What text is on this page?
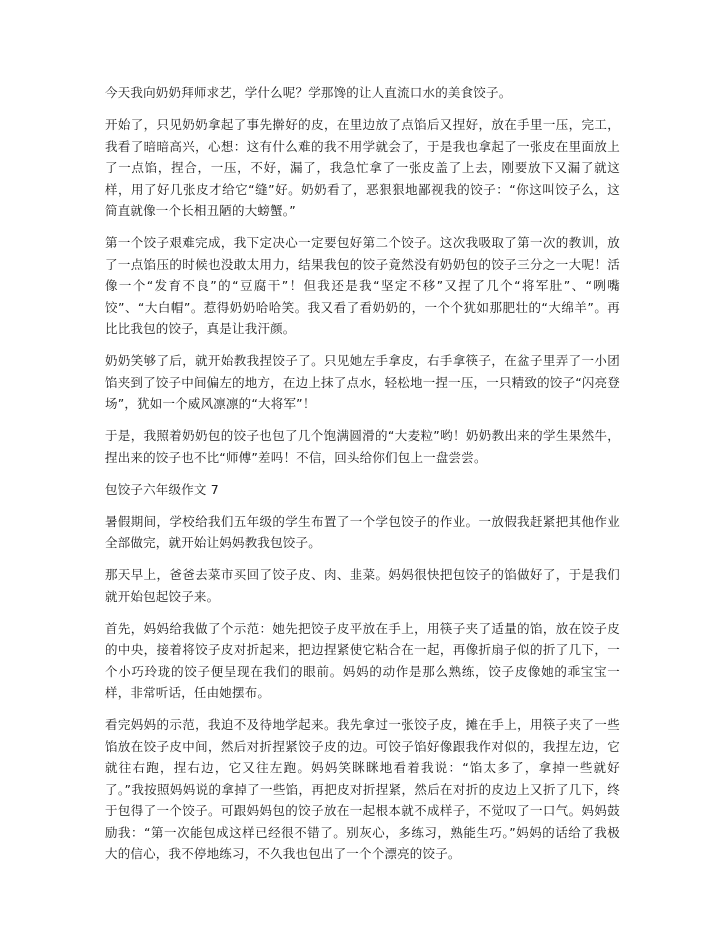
今天我向奶奶拜师求艺，学什么呢？学那馋的让人直流口水的美食饺子。

开始了，只见奶奶拿起了事先擀好的皮，在里边放了点馅后又捏好，放在手里一压，完工，我看了暗暗高兴，心想：这有什么难的我不用学就会了，于是我也拿起了一张皮在里面放上了一点馅，捏合，一压，不好，漏了，我急忙拿了一张皮盖了上去，刚要放下又漏了就这样，用了好几张皮才给它“缝”好。奶奶看了，恶狠狠地鄙视我的饺子：“你这叫饺子么，这简直就像一个长相丑陋的大螃蟹。”

第一个饺子艰难完成，我下定决心一定要包好第二个饺子。这次我吸取了第一次的教训，放了一点馅压的时候也没敢太用力，结果我包的饺子竟然没有奶奶包的饺子三分之一大呢！活像一个“发育不良”的“豆腐干”！但我还是我“坚定不移”又捏了几个“将军肚”、“咧嘴饺”、“大白帽”。惹得奶奶哈哈笑。我又看了看奶奶的，一个个犹如那肥壮的“大绵羊”。再比比我包的饺子，真是让我汗颜。

奶奶笑够了后，就开始教我捏饺子了。只见她左手拿皮，右手拿筷子，在盆子里弄了一小团馅夹到了饺子中间偏左的地方，在边上抹了点水，轻松地一捏一压，一只精致的饺子“闪亮登场”，犹如一个威风凛凛的“大将军”！

于是，我照着奶奶包的饺子也包了几个饱满圆滑的“大麦粒”哟！奶奶教出来的学生果然牛，捏出来的饺子也不比“师傅”差吗！不信，回头给你们包上一盘尝尝。

包饺子六年级作文 7

暑假期间，学校给我们五年级的学生布置了一个学包饺子的作业。一放假我赶紧把其他作业全部做完，就开始让妈妈教我包饺子。

那天早上，爸爸去菜市买回了饺子皮、肉、韭菜。妈妈很快把包饺子的馅做好了，于是我们就开始包起饺子来。

首先，妈妈给我做了个示范：她先把饺子皮平放在手上，用筷子夹了适量的馅，放在饺子皮的中央，接着将饺子皮对折起来，把边捏紧使它粘合在一起，再像折扇子似的折了几下，一个小巧玲珑的饺子便呈现在我们的眼前。妈妈的动作是那么熟练，饺子皮像她的乖宝宝一样，非常听话，任由她摆布。

看完妈妈的示范，我迫不及待地学起来。我先拿过一张饺子皮，摊在手上，用筷子夹了一些馅放在饺子皮中间，然后对折捏紧饺子皮的边。可饺子馅好像跟我作对似的，我捏左边，它就往右跑，捏右边，它又往左跑。妈妈笑眯眯地看着我说：“馅太多了，拿掉一些就好了。”我按照妈妈说的拿掉了一些馅，再把皮对折捏紧，然后在对折的皮边上又折了几下，终于包得了一个饺子。可跟妈妈包的饺子放在一起根本就不成样子，不觉叹了一口气。妈妈鼓励我：“第一次能包成这样已经很不错了。别灰心，多练习，熟能生巧。”妈妈的话给了我极大的信心，我不停地练习，不久我也包出了一个个漂亮的饺子。
